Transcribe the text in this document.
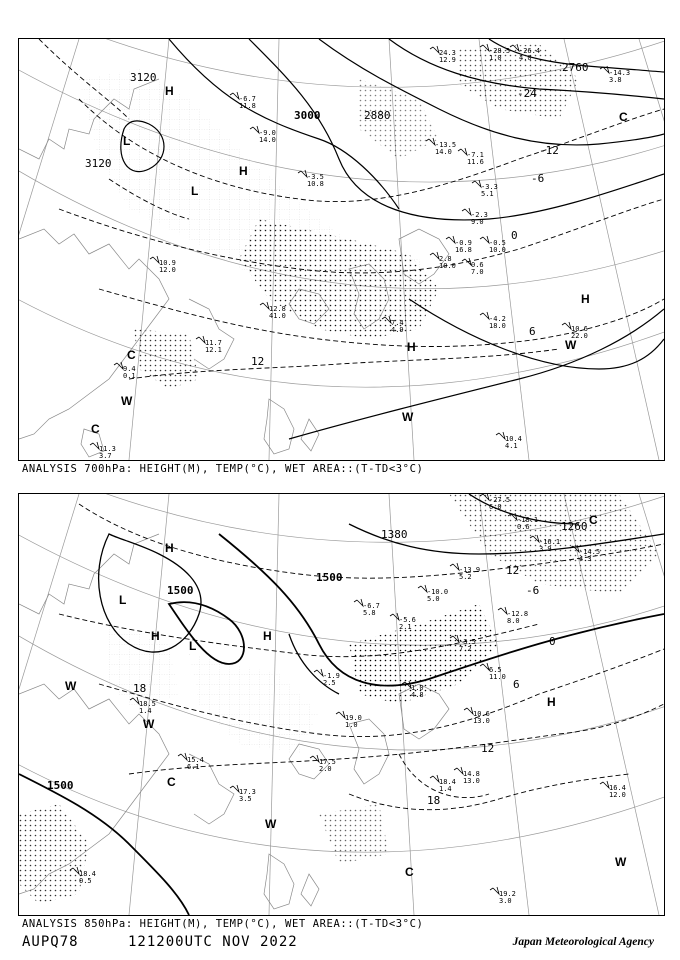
3120
3120
3000	2880
2760
-24
-12
-6
0
6
12
H
L
L
H
H
H
C
W
C
W
W
C
-28.5
1.0
-26.4
4.0
24.3
12.9
-14.3
3.8
-13.5
14.0 -7.1
11.6
-3.3
5.1
-2.3
9.0
-0.9
16.8
-0.5
10.0
2.8
10.0 0.6
7.0
-4.2
18.0	10.6
22.0
7.4
4.9
12.8
41.0
11.7
12.1
9.4
0.1
10.9
12.0
11.3
3.7
10.4
4.1
-6.7
11.8
-9.0
14.0
-3.5
10.8
ANALYSIS 700hPa: HEIGHT(M), TEMP(°C), WET AREA::(T-TD<3°C)
1500
1500
1500
1380
1260
-6
0
6
12
18
18
12
H
L
H
L
H
H
C
W
W
C
W
C
W
-27.5
6.0
-18.1
0.6
-16.1
3.9	-14.5
4.3
-13.9
5.2
-12.8
8.0
-10.0
5.0
-6.7
5.8
-5.6
2.1
-3.5
7.2
-1.9
2.5
1.0
4.8
6.5
11.0
10.6
13.0
14.8
13.0
16.4
12.0
18.4
1.4
19.0
1.0
17.5
2.0
15.4
6.1
17.3
3.5
18.5
1.4
18.4
0.5
19.2
3.0
ANALYSIS 850hPa: HEIGHT(M), TEMP(°C), WET AREA::(T-TD<3°C)
AUPQ78	121200UTC NOV 2022	Japan Meteorological Agency
